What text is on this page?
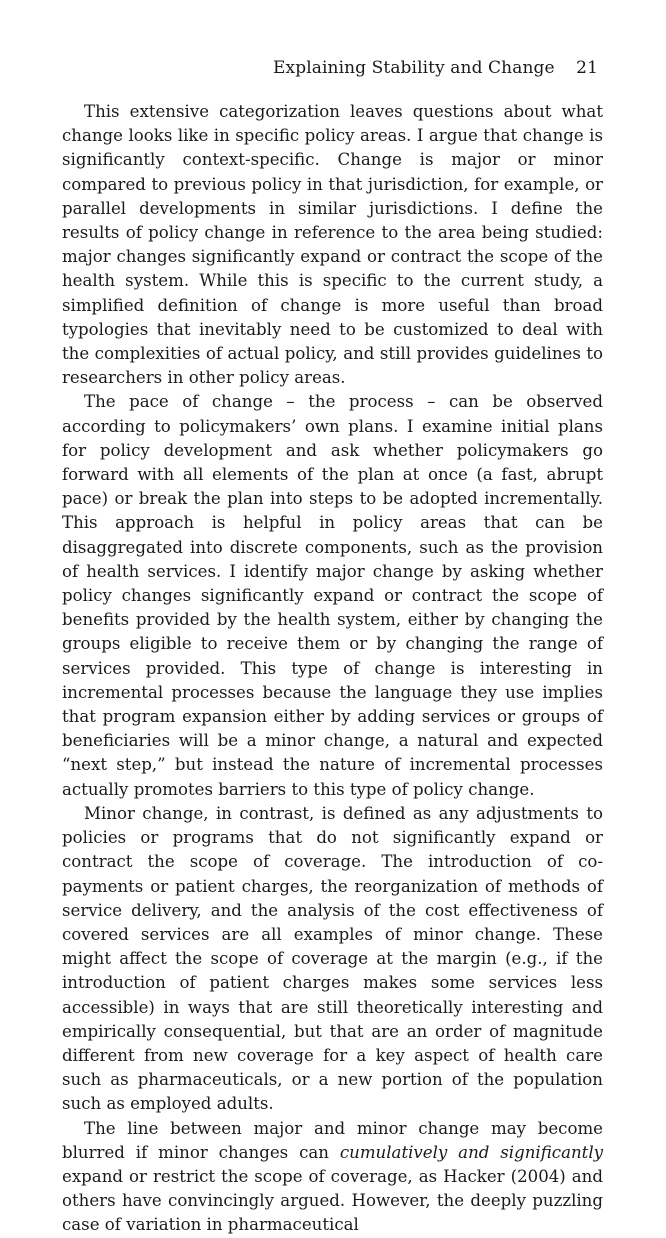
Explaining Stability and Change 21

This extensive categorization leaves questions about what change looks like in specific policy areas. I argue that change is significantly context-specific. Change is major or minor compared to previous policy in that jurisdiction, for example, or parallel developments in similar jurisdictions. I define the results of policy change in reference to the area being studied: major changes significantly expand or contract the scope of the health system. While this is specific to the current study, a simplified definition of change is more useful than broad typologies that inevitably need to be customized to deal with the complexities of actual policy, and still provides guidelines to researchers in other policy areas.

The pace of change – the process – can be observed according to policymakers’ own plans. I examine initial plans for policy development and ask whether policymakers go forward with all elements of the plan at once (a fast, abrupt pace) or break the plan into steps to be adopted incrementally. This approach is helpful in policy areas that can be disaggregated into discrete components, such as the provision of health services. I identify major change by asking whether policy changes significantly expand or contract the scope of benefits provided by the health system, either by changing the groups eligible to receive them or by changing the range of services provided. This type of change is interesting in incremental processes because the language they use implies that program expansion either by adding services or groups of beneficiaries will be a minor change, a natural and expected “next step,” but instead the nature of incremental processes actually promotes barriers to this type of policy change.

Minor change, in contrast, is defined as any adjustments to policies or programs that do not significantly expand or contract the scope of coverage. The introduction of co-payments or patient charges, the reorganization of methods of service delivery, and the analysis of the cost effectiveness of covered services are all examples of minor change. These might affect the scope of coverage at the margin (e.g., if the introduction of patient charges makes some services less accessible) in ways that are still theoretically interesting and empirically consequential, but that are an order of magnitude different from new coverage for a key aspect of health care such as pharmaceuticals, or a new portion of the population such as employed adults.

The line between major and minor change may become blurred if minor changes can cumulatively and significantly expand or restrict the scope of coverage, as Hacker (2004) and others have convincingly argued. However, the deeply puzzling case of variation in pharmaceutical
